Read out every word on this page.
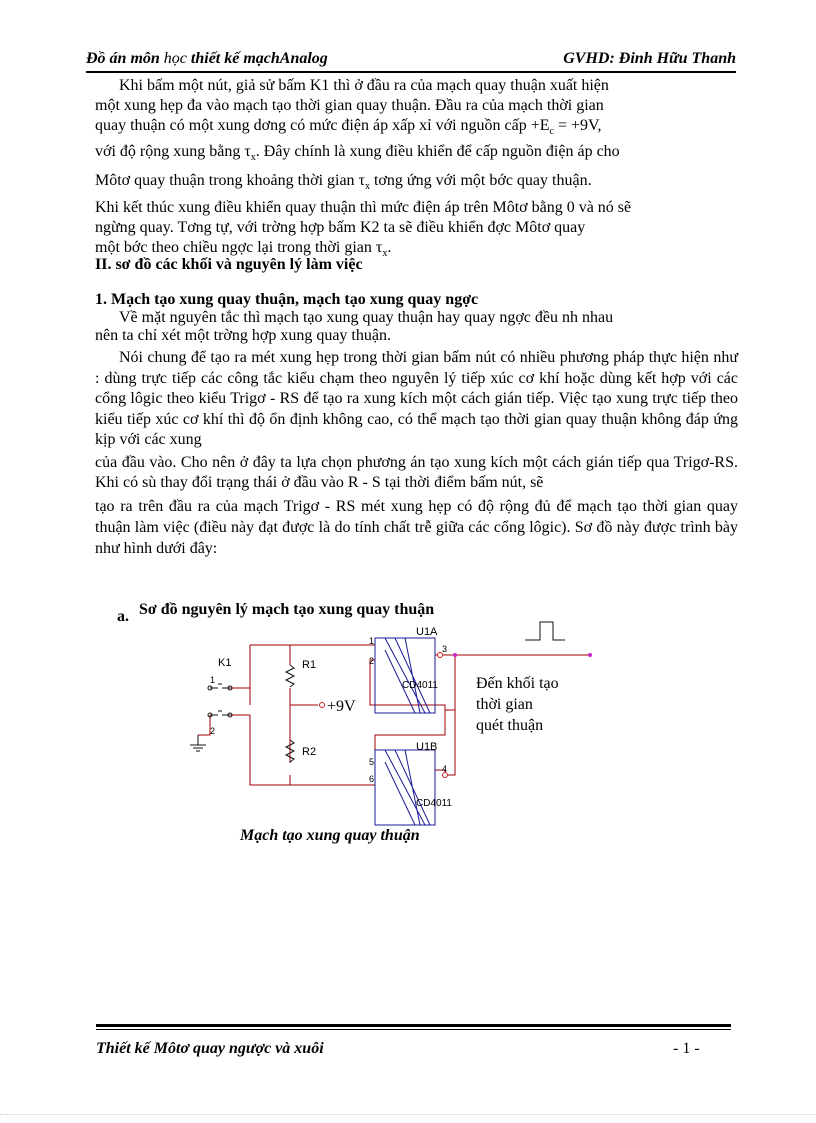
Đồ án môn học thiết kế mạchAnalog	GVHD: Đinh Hữu Thanh

Khi bấm một nút, giả sử bấm K1 thì ở đầu ra của mạch quay thuận xuất hiện

một xung hẹp đa vào mạch tạo thời gian quay thuận. Đầu ra của mạch thời gian

quay thuận có một xung dơng có mức điện áp xấp xỉ với nguồn cấp $+E_c = +9V$,

với độ rộng xung bằng $\tau_x$. Đây chính là xung điều khiển để cấp nguồn điện áp cho

Môtơ quay thuận trong khoảng thời gian $\tau_x$ tơng ứng với một bớc quay thuận.

Khi kết thúc xung điều khiển quay thuận thì mức điện áp trên Môtơ bằng 0 và nó sẽ

ngừng quay. Tơng tự, với trờng hợp bấm K2 ta sẽ điều khiển đợc Môtơ quay

một bớc theo chiều ngợc lại trong thời gian $\tau_x$.

II. sơ đồ các khối và nguyên lý làm việc
1. Mạch tạo xung quay thuận, mạch tạo xung quay ngợc

Về mặt nguyên tắc thì mạch tạo xung quay thuận hay quay ngợc đều nh nhau

nên ta chỉ xét một trờng hợp xung quay thuận.

Nói chung để tạo ra mét xung hẹp trong thời gian bấm nút có nhiều phương pháp thực hiện như : dùng trực tiếp các công tắc kiểu chạm theo nguyên lý tiếp xúc cơ khí hoặc dùng kết hợp với các cổng lôgic theo kiểu Trigơ - RS để tạo ra xung kích một cách gián tiếp. Việc tạo xung trực tiếp theo kiểu tiếp xúc cơ khí thì độ ổn định không cao, có thể mạch tạo thời gian quay thuận không đáp ứng kịp với các xung

của đầu vào. Cho nên ở đây ta lựa chọn phương án tạo xung kích một cách gián tiếp qua Trigơ-RS. Khi có sù thay đổi trạng thái ở đầu vào R - S tại thời điểm bấm nút, sẽ

tạo ra trên đầu ra của mạch Trigơ - RS mét xung hẹp có độ rộng đủ để mạch tạo thời gian quay thuận làm việc (điều này đạt được là do tính chất trễ giữa các cổng lôgic). Sơ đồ này được trình bày như hình dưới đây:

a. Sơ đồ nguyên lý mạch tạo xung quay thuận
K1	R1
R2
U1A
U1B
CD4011
CD4011
1
2
3
4
5
6
1
2
+9V
Đến khối tạo
thời gian
quét thuận
Mạch tạo xung quay thuận
Thiết kế Môtơ quay ngược và xuôi	- 1 -
